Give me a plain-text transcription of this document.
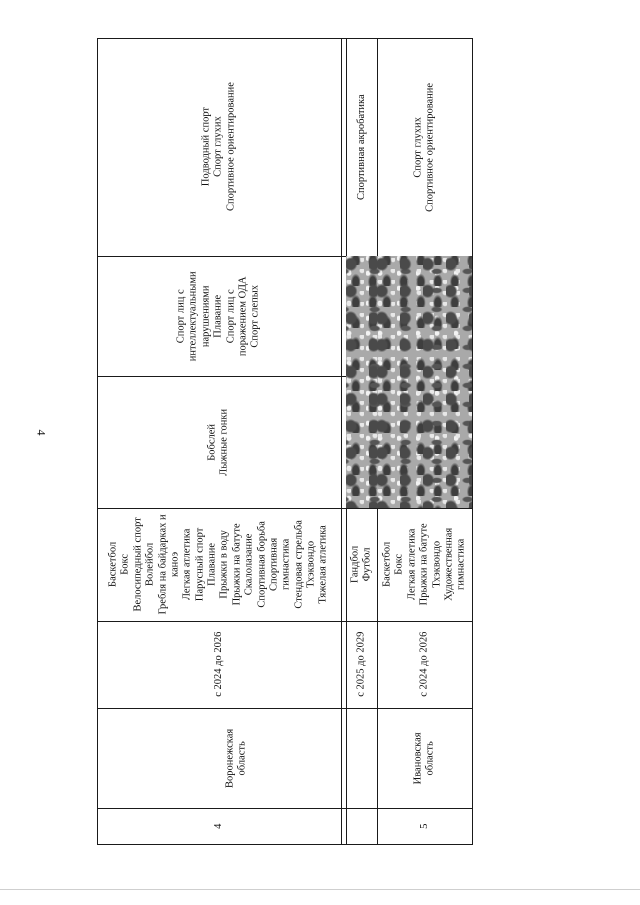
4
4
Воронежская
область
с 2024 до 2026
Баскетбол
Бокс
Велосипедный спорт
Волейбол
Гребля на байдарках и
каноэ
Легкая атлетика
Парусный спорт
Плавание
Прыжки в воду
Прыжки на батуте
Скалолазание
Спортивная борьба
Спортивная
гимнастика
Стендовая стрельба
Тхэквондо
Тяжелая атлетика
Бобслей
Лыжные гонки
Спорт лиц с
интеллектуальными
нарушениями
Плавание
Спорт лиц с
поражением ОДА
Спорт слепых
Подводный спорт
Спорт глухих
Спортивное ориентирование
с 2025 до 2029
Гандбол
Футбол
Спортивная акробатика
5
Ивановская
область
с 2024 до 2026
Баскетбол
Бокс
Легкая атлетика
Прыжки на батуте
Тхэквондо
Художественная
гимнастика
Спорт глухих
Спортивное ориентирование
